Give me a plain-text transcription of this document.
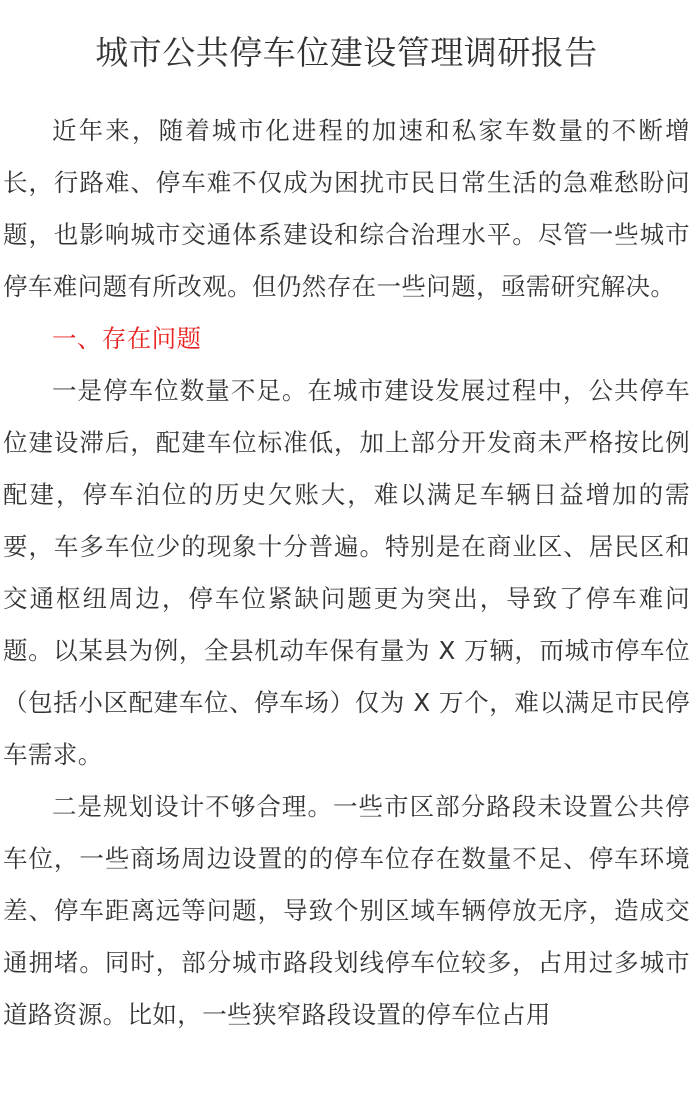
城市公共停车位建设管理调研报告

近年来，随着城市化进程的加速和私家车数量的不断增长，行路难、停车难不仅成为困扰市民日常生活的急难愁盼问题，也影响城市交通体系建设和综合治理水平。尽管一些城市停车难问题有所改观。但仍然存在一些问题，亟需研究解决。

一、存在问题

一是停车位数量不足。在城市建设发展过程中，公共停车位建设滞后，配建车位标准低，加上部分开发商未严格按比例配建，停车泊位的历史欠账大，难以满足车辆日益增加的需要，车多车位少的现象十分普遍。特别是在商业区、居民区和交通枢纽周边，停车位紧缺问题更为突出，导致了停车难问题。以某县为例，全县机动车保有量为 X 万辆，而城市停车位（包括小区配建车位、停车场）仅为 X 万个，难以满足市民停车需求。

二是规划设计不够合理。一些市区部分路段未设置公共停车位，一些商场周边设置的的停车位存在数量不足、停车环境差、停车距离远等问题，导致个别区域车辆停放无序，造成交通拥堵。同时，部分城市路段划线停车位较多，占用过多城市道路资源。比如，一些狭窄路段设置的停车位占用
